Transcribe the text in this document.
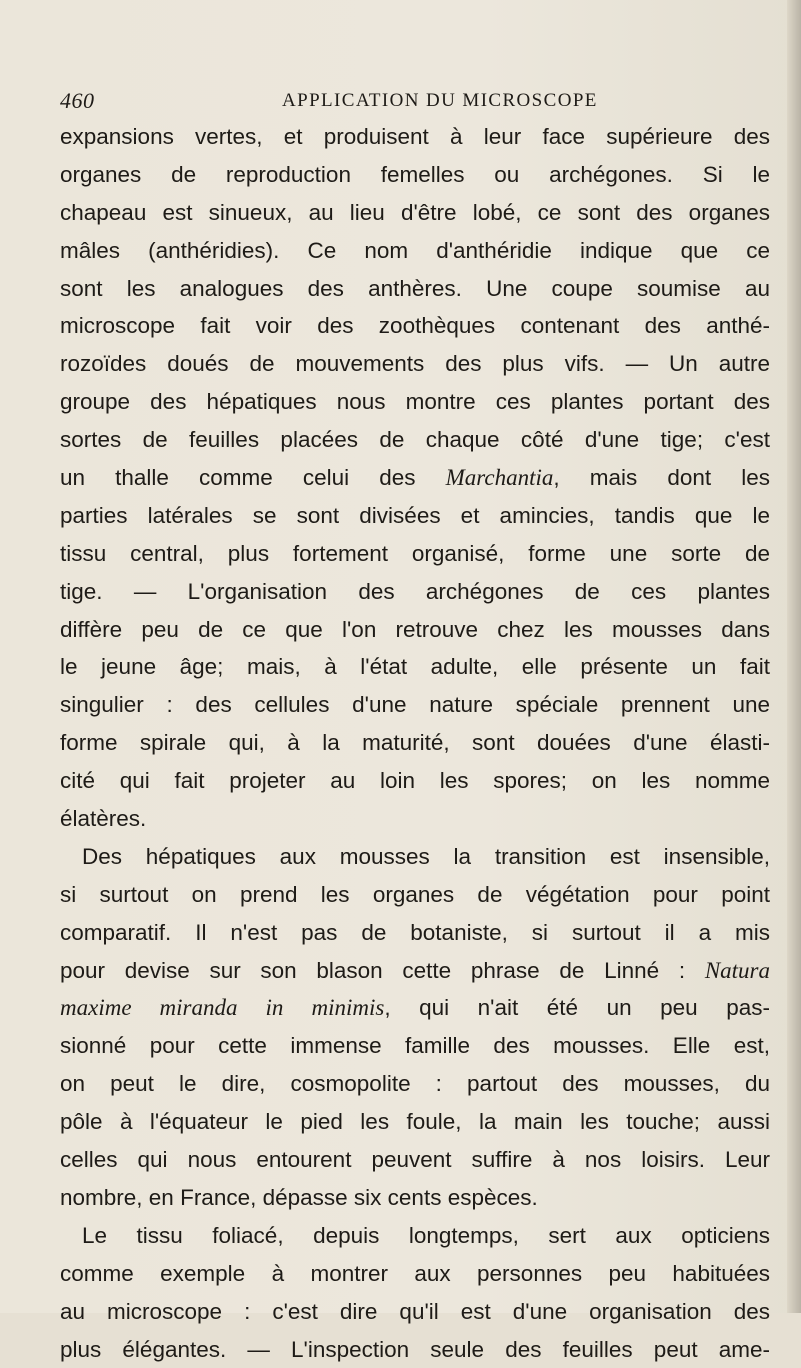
460	APPLICATION DU MICROSCOPE
expansions vertes, et produisent à leur face supérieure des
organes de reproduction femelles ou archégones. Si le
chapeau est sinueux, au lieu d'être lobé, ce sont des organes
mâles (anthéridies). Ce nom d'anthéridie indique que ce
sont les analogues des anthères. Une coupe soumise au
microscope fait voir des zoothèques contenant des anthé-
rozoïdes doués de mouvements des plus vifs. — Un autre
groupe des hépatiques nous montre ces plantes portant des
sortes de feuilles placées de chaque côté d'une tige; c'est
un thalle comme celui des Marchantia, mais dont les
parties latérales se sont divisées et amincies, tandis que le
tissu central, plus fortement organisé, forme une sorte de
tige. — L'organisation des archégones de ces plantes
diffère peu de ce que l'on retrouve chez les mousses dans
le jeune âge; mais, à l'état adulte, elle présente un fait
singulier : des cellules d'une nature spéciale prennent une
forme spirale qui, à la maturité, sont douées d'une élasti-
cité qui fait projeter au loin les spores; on les nomme
élatères.
Des hépatiques aux mousses la transition est insensible,
si surtout on prend les organes de végétation pour point
comparatif. Il n'est pas de botaniste, si surtout il a mis
pour devise sur son blason cette phrase de Linné : Natura
maxime miranda in minimis, qui n'ait été un peu pas-
sionné pour cette immense famille des mousses. Elle est,
on peut le dire, cosmopolite : partout des mousses, du
pôle à l'équateur le pied les foule, la main les touche; aussi
celles qui nous entourent peuvent suffire à nos loisirs. Leur
nombre, en France, dépasse six cents espèces.
Le tissu foliacé, depuis longtemps, sert aux opticiens
comme exemple à montrer aux personnes peu habituées
au microscope : c'est dire qu'il est d'une organisation des
plus élégantes. — L'inspection seule des feuilles peut ame-
